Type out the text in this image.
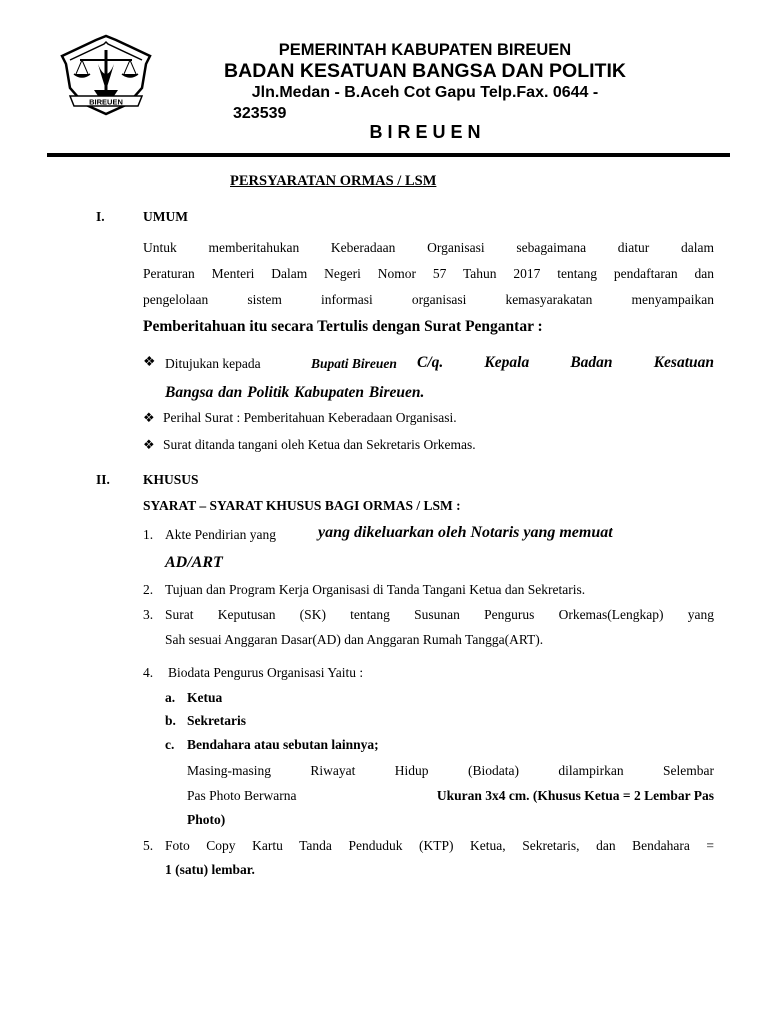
BIREUEN
PEMERINTAH KABUPATEN BIREUEN
BADAN KESATUAN BANGSA DAN POLITIK
Jln.Medan - B.Aceh Cot Gapu Telp.Fax. 0644 -
323539
B I R E U E N
PERSYARATAN ORMAS / LSM
I.	UMUM
Untuk memberitahukan Keberadaan Organisasi sebagaimana diatur dalam
Peraturan Menteri Dalam Negeri Nomor 57 Tahun 2017 tentang pendaftaran dan
pengelolaan sistem informasi organisasi kemasyarakatan menyampaikan
Pemberitahuan itu secara Tertulis dengan Surat Pengantar :
❖ Ditujukan kepada	Bupati Bireuen C/q. Kepala Badan Kesatuan
Bangsa dan Politik Kabupaten Bireuen.
❖ Perihal Surat : Pemberitahuan Keberadaan Organisasi.
❖ Surat ditanda tangani oleh Ketua dan Sekretaris Orkemas.
II. KHUSUS
SYARAT – SYARAT KHUSUS BAGI ORMAS / LSM :
1. Akte Pendirian yang	yang dikeluarkan oleh Notaris yang memuat
AD/ART
2. Tujuan dan Program Kerja Organisasi di Tanda Tangani Ketua dan Sekretaris.
3. Surat Keputusan (SK) tentang Susunan Pengurus Orkemas(Lengkap) yang
Sah sesuai Anggaran Dasar(AD) dan Anggaran Rumah Tangga(ART).
4. Biodata Pengurus Organisasi Yaitu :
a. Ketua
b. Sekretaris
c. Bendahara atau sebutan lainnya;
Masing-masing Riwayat Hidup (Biodata) dilampirkan Selembar
Pas Photo Berwarna	Ukuran 3x4 cm. (Khusus Ketua = 2 Lembar Pas
Photo)
5. Foto Copy Kartu Tanda Penduduk (KTP) Ketua, Sekretaris, dan Bendahara =
1 (satu) lembar.
